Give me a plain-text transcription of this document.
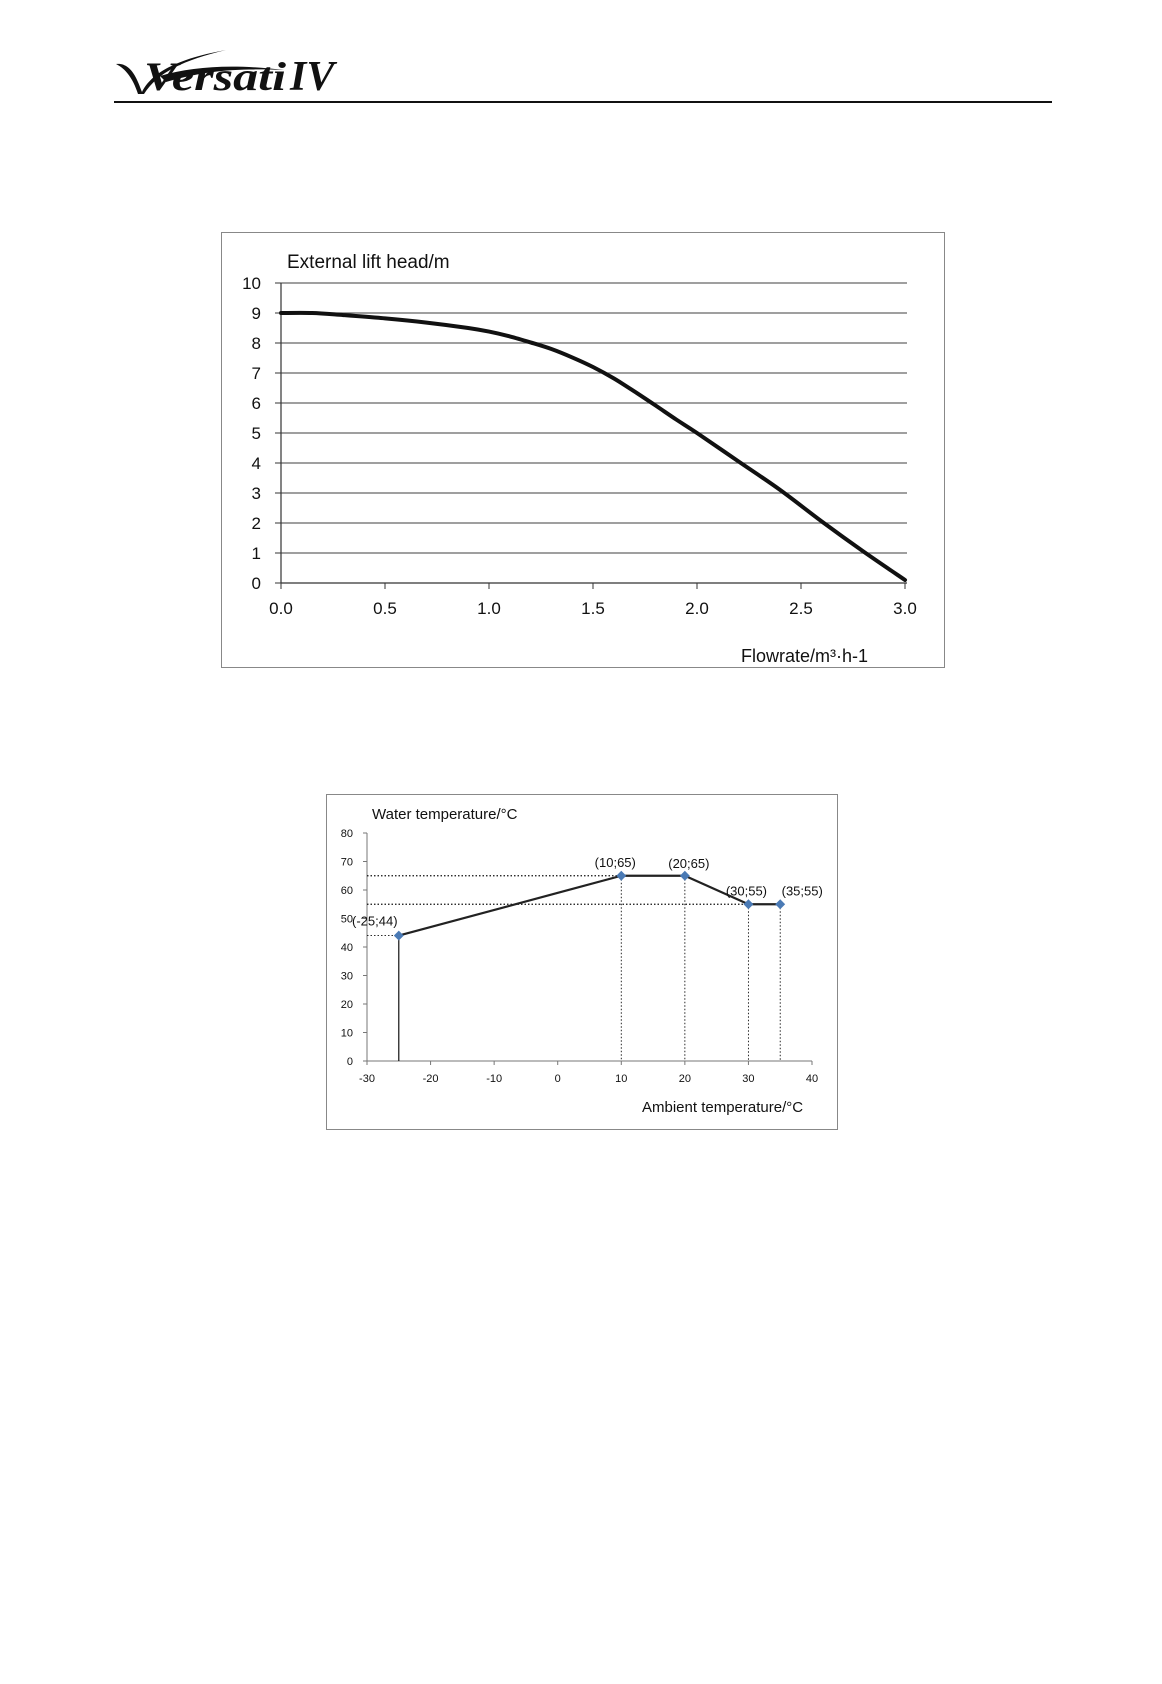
Versati IV
0
1
2
3
4
5
6
7
8
9
10
0.0	0.5	1.0	1.5	2.0	2.5	3.0
External lift head/m
Flowrate/m³·h-1
0
10
20
30
40
50
60
70
80
-30	-20	-10	0	10	20	30	40
(-25;44)
(10;65) (20;65)
(30;55) (35;55)
Water temperature/°C
Ambient temperature/°C
